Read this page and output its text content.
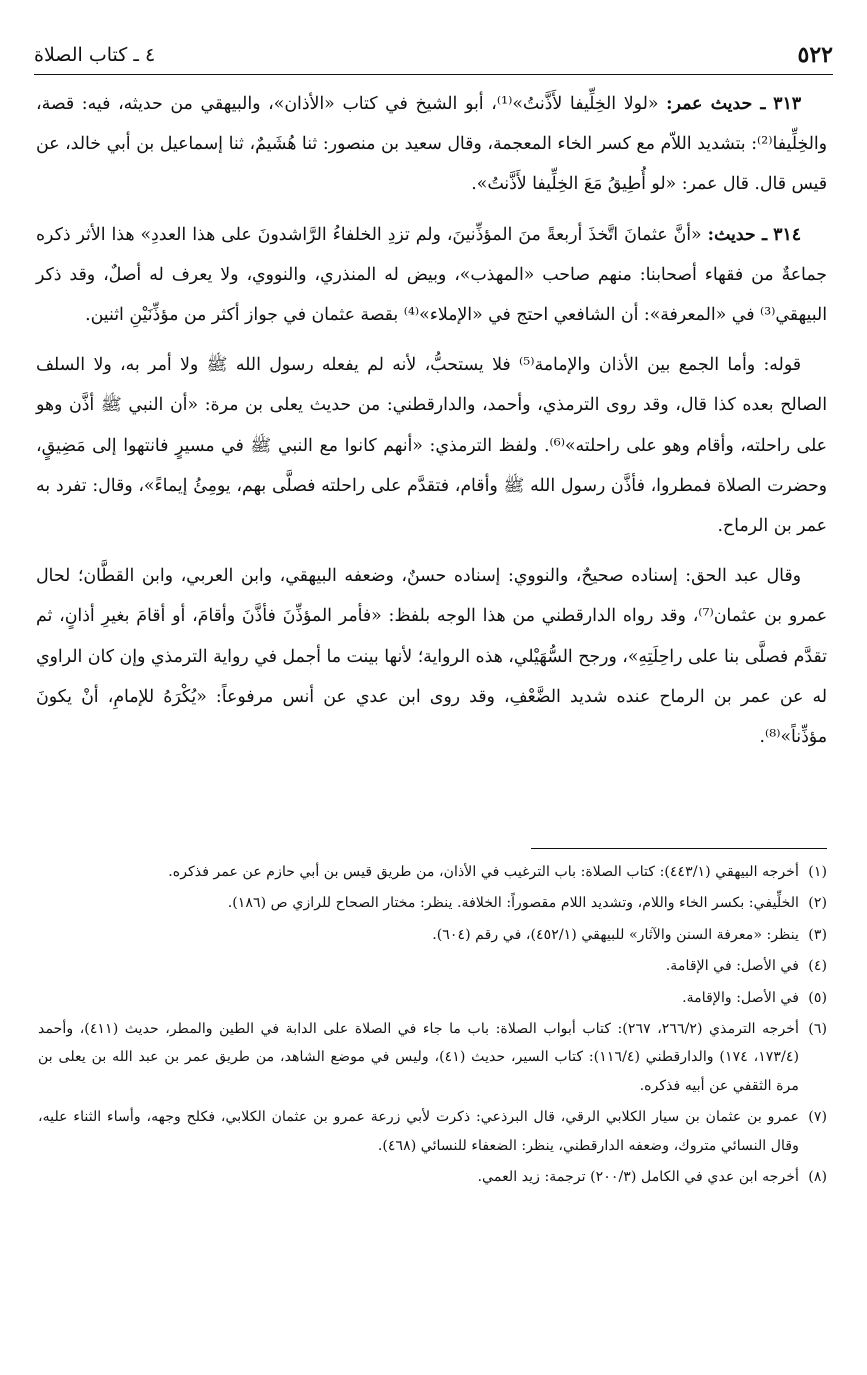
٥٢٢
٤ ـ كتاب الصلاة

٣١٣ ـ حديث عمر: «لولا الخِلِّيفا لأَذَّنتُ»⁽¹⁾، أبو الشيخ في كتاب «الأذان»، والبيهقي من حديثه، فيه: قصة، والخِلِّيفا⁽²⁾: بتشديد اللاّم مع كسر الخاء المعجمة، وقال سعيد بن منصور: ثنا هُشَيمٌ، ثنا إسماعيل بن أبي خالد، عن قيس قال. قال عمر: «لو أُطِيقُ مَعَ الخِلِّيفا لأَذَّنتُ».

٣١٤ ـ حديث: «أنَّ عثمانَ اتَّخذَ أربعةً منَ المؤذِّنينَ، ولم تزدِ الخلفاءُ الرَّاشدونَ على هذا العددِ» هذا الأثر ذكره جماعةٌ من فقهاء أصحابنا: منهم صاحب «المهذب»، وبيض له المنذري، والنووي، ولا يعرف له أصلٌ، وقد ذكر البيهقي⁽³⁾ في «المعرفة»: أن الشافعي احتج في «الإملاء»⁽⁴⁾ بقصة عثمان في جواز أكثر من مؤذِّنَيْنِ اثنين.

قوله: وأما الجمع بين الأذان والإمامة⁽⁵⁾ فلا يستحبُّ، لأنه لم يفعله رسول الله ﷺ ولا أمر به، ولا السلف الصالح بعده كذا قال، وقد روى الترمذي، وأحمد، والدارقطني: من حديث يعلى بن مرة: «أن النبي ﷺ أذَّن وهو على راحلته، وأقام وهو على راحلته»⁽⁶⁾. ولفظ الترمذي: «أنهم كانوا مع النبي ﷺ في مسيرٍ فانتهوا إلى مَضِيقٍ، وحضرت الصلاة فمطروا، فأذَّن رسول الله ﷺ وأقام، فتقدَّم على راحلته فصلَّى بهم، يومِئُ إيماءً»، وقال: تفرد به عمر بن الرماح.

وقال عبد الحق: إسناده صحيحٌ، والنووي: إسناده حسنٌ، وضعفه البيهقي، وابن العربي، وابن القطَّان؛ لحال عمرو بن عثمان⁽⁷⁾، وقد رواه الدارقطني من هذا الوجه بلفظ: «فأمر المؤذِّنَ فأذَّنَ وأقامَ، أو أقامَ بغيرِ أذانٍ، ثم تقدَّم فصلَّى بنا على راحِلَتِهِ»، ورجح السُّهَيْلي، هذه الرواية؛ لأنها بينت ما أجمل في رواية الترمذي وإن كان الراوي له عن عمر بن الرماح عنده شديد الضَّعْفِ، وقد روى ابن عدي عن أنس مرفوعاً: «يُكْرَهُ للإمامِ، أنْ يكونَ مؤذِّناً»⁽⁸⁾.

(١)أخرجه البيهقي (٤٤٣/١): كتاب الصلاة: باب الترغيب في الأذان، من طريق قيس بن أبي حازم عن عمر فذكره.

(٢)الخلِّيفي: بكسر الخاء واللام، وتشديد اللام مقصوراً: الخلافة. ينظر: مختار الصحاح للرازي ص (١٨٦).

(٣)ينظر: «معرفة السنن والآثار» للبيهقي (٤٥٢/١)، في رقم (٦٠٤).

(٤)في الأصل: في الإقامة.

(٥)في الأصل: والإقامة.

(٦)أخرجه الترمذي (٢٦٦/٢، ٢٦٧): كتاب أبواب الصلاة: باب ما جاء في الصلاة على الدابة في الطين والمطر، حديث (٤١١)، وأحمد (١٧٣/٤، ١٧٤) والدارقطني (١١٦/٤): كتاب السير، حديث (٤١)، وليس في موضع الشاهد، من طريق عمر بن عبد الله بن يعلى بن مرة الثقفي عن أبيه فذكره.

(٧)عمرو بن عثمان بن سيار الكلابي الرقي، قال البرذعي: ذكرت لأبي زرعة عمرو بن عثمان الكلابي، فكلح وجهه، وأساء الثناء عليه، وقال النسائي متروك، وضعفه الدارقطني، ينظر: الضعفاء للنسائي (٤٦٨).

(٨)أخرجه ابن عدي في الكامل (٢٠٠/٣) ترجمة: زيد العمي.
